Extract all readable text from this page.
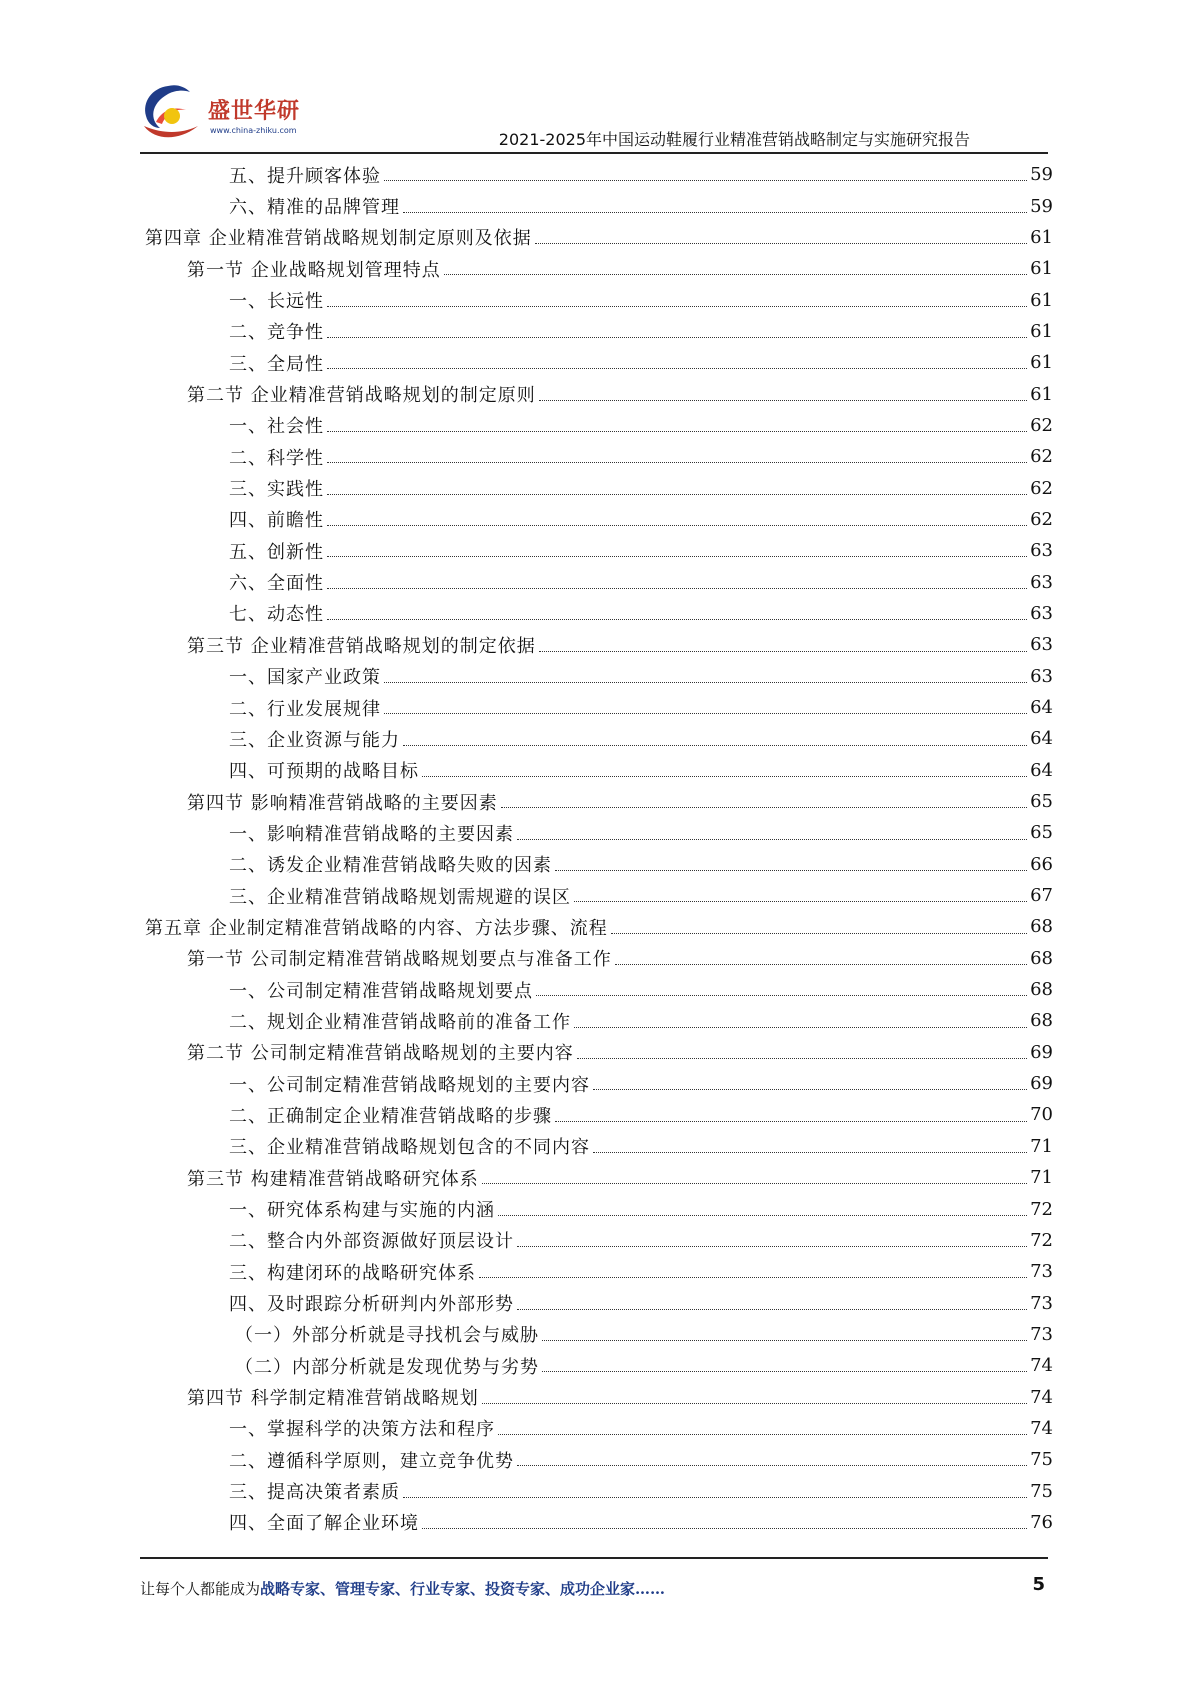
盛世华研
www.china-zhiku.com	2021-2025年中国运动鞋履行业精准营销战略制定与实施研究报告
五、提升顾客体验	59
六、精准的品牌管理	59
第四章 企业精准营销战略规划制定原则及依据	61
第一节 企业战略规划管理特点	61
一、长远性	61
二、竞争性	61
三、全局性	61
第二节 企业精准营销战略规划的制定原则	61
一、社会性	62
二、科学性	62
三、实践性	62
四、前瞻性	62
五、创新性	63
六、全面性	63
七、动态性	63
第三节 企业精准营销战略规划的制定依据	63
一、国家产业政策	63
二、行业发展规律	64
三、企业资源与能力	64
四、可预期的战略目标	64
第四节 影响精准营销战略的主要因素	65
一、影响精准营销战略的主要因素	65
二、诱发企业精准营销战略失败的因素	66
三、企业精准营销战略规划需规避的误区	67
第五章 企业制定精准营销战略的内容、方法步骤、流程	68
第一节 公司制定精准营销战略规划要点与准备工作	68
一、公司制定精准营销战略规划要点	68
二、规划企业精准营销战略前的准备工作	68
第二节 公司制定精准营销战略规划的主要内容	69
一、公司制定精准营销战略规划的主要内容	69
二、正确制定企业精准营销战略的步骤	70
三、企业精准营销战略规划包含的不同内容	71
第三节 构建精准营销战略研究体系	71
一、研究体系构建与实施的内涵	72
二、整合内外部资源做好顶层设计	72
三、构建闭环的战略研究体系	73
四、及时跟踪分析研判内外部形势	73
（一）外部分析就是寻找机会与威胁	73
（二）内部分析就是发现优势与劣势	74
第四节 科学制定精准营销战略规划	74
一、掌握科学的决策方法和程序	74
二、遵循科学原则，建立竞争优势	75
三、提高决策者素质	75
四、全面了解企业环境	76
让每个人都能成为战略专家、管理专家、行业专家、投资专家、成功企业家……	5
